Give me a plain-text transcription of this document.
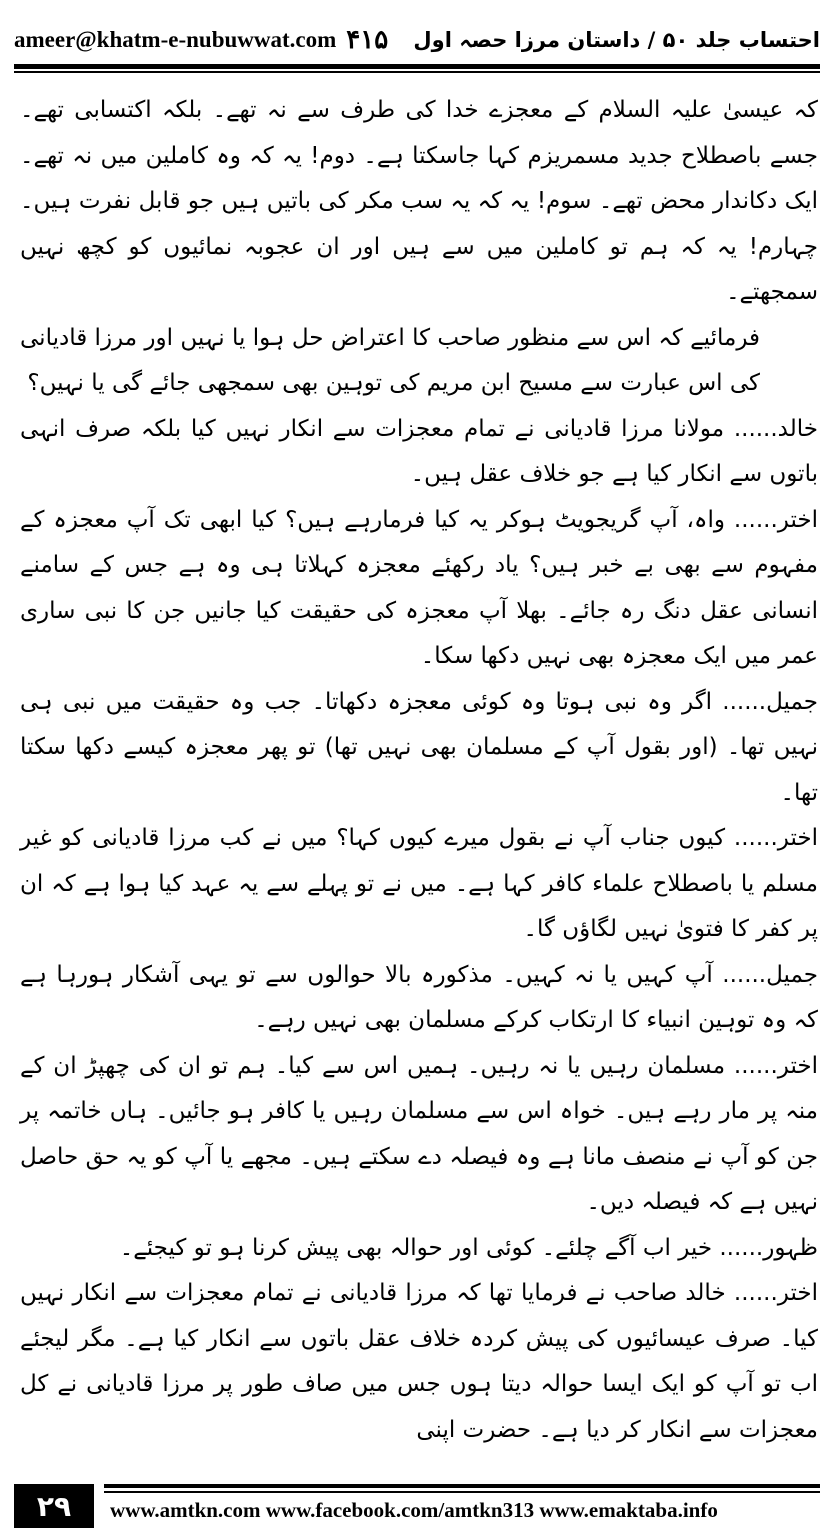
ameer@khatm-e-nubuwwat.com ۴۱۵ احتساب جلد ۵۰ / داستان مرزا حصہ اول

کہ عیسیٰ علیہ السلام کے معجزے خدا کی طرف سے نہ تھے۔ بلکہ اکتسابی تھے۔ جسے باصطلاح جدید مسمریزم کہا جاسکتا ہے۔ دوم! یہ کہ وہ کاملین میں نہ تھے۔ ایک دکاندار محض تھے۔ سوم! یہ کہ یہ سب مکر کی باتیں ہیں جو قابل نفرت ہیں۔ چہارم! یہ کہ ہم تو کاملین میں سے ہیں اور ان عجوبہ نمائیوں کو کچھ نہیں سمجھتے۔

فرمائیے کہ اس سے منظور صاحب کا اعتراض حل ہوا یا نہیں اور مرزا قادیانی کی اس عبارت سے مسیح ابن مریم کی توہین بھی سمجھی جائے گی یا نہیں؟

خالد...... مولانا مرزا قادیانی نے تمام معجزات سے انکار نہیں کیا بلکہ صرف انہی باتوں سے انکار کیا ہے جو خلاف عقل ہیں۔

اختر...... واہ، آپ گریجویٹ ہوکر یہ کیا فرمارہے ہیں؟ کیا ابھی تک آپ معجزہ کے مفہوم سے بھی بے خبر ہیں؟ یاد رکھئے معجزہ کہلاتا ہی وہ ہے جس کے سامنے انسانی عقل دنگ رہ جائے۔ بھلا آپ معجزہ کی حقیقت کیا جانیں جن کا نبی ساری عمر میں ایک معجزہ بھی نہیں دکھا سکا۔

جمیل...... اگر وہ نبی ہوتا وہ کوئی معجزہ دکھاتا۔ جب وہ حقیقت میں نبی ہی نہیں تھا۔ (اور بقول آپ کے مسلمان بھی نہیں تھا) تو پھر معجزہ کیسے دکھا سکتا تھا۔

اختر...... کیوں جناب آپ نے بقول میرے کیوں کہا؟ میں نے کب مرزا قادیانی کو غیر مسلم یا باصطلاح علماء کافر کہا ہے۔ میں نے تو پہلے سے یہ عہد کیا ہوا ہے کہ ان پر کفر کا فتویٰ نہیں لگاؤں گا۔

جمیل...... آپ کہیں یا نہ کہیں۔ مذکورہ بالا حوالوں سے تو یہی آشکار ہورہا ہے کہ وہ توہین انبیاء کا ارتکاب کرکے مسلمان بھی نہیں رہے۔

اختر...... مسلمان رہیں یا نہ رہیں۔ ہمیں اس سے کیا۔ ہم تو ان کی چھپڑ ان کے منہ پر مار رہے ہیں۔ خواہ اس سے مسلمان رہیں یا کافر ہو جائیں۔ ہاں خاتمہ پر جن کو آپ نے منصف مانا ہے وہ فیصلہ دے سکتے ہیں۔ مجھے یا آپ کو یہ حق حاصل نہیں ہے کہ فیصلہ دیں۔

ظہور...... خیر اب آگے چلئے۔ کوئی اور حوالہ بھی پیش کرنا ہو تو کیجئے۔

اختر...... خالد صاحب نے فرمایا تھا کہ مرزا قادیانی نے تمام معجزات سے انکار نہیں کیا۔ صرف عیسائیوں کی پیش کردہ خلاف عقل باتوں سے انکار کیا ہے۔ مگر لیجئے اب تو آپ کو ایک ایسا حوالہ دیتا ہوں جس میں صاف طور پر مرزا قادیانی نے کل معجزات سے انکار کر دیا ہے۔ حضرت اپنی

۲۹	www.amtkn.com www.facebook.com/amtkn313 www.emaktaba.info
